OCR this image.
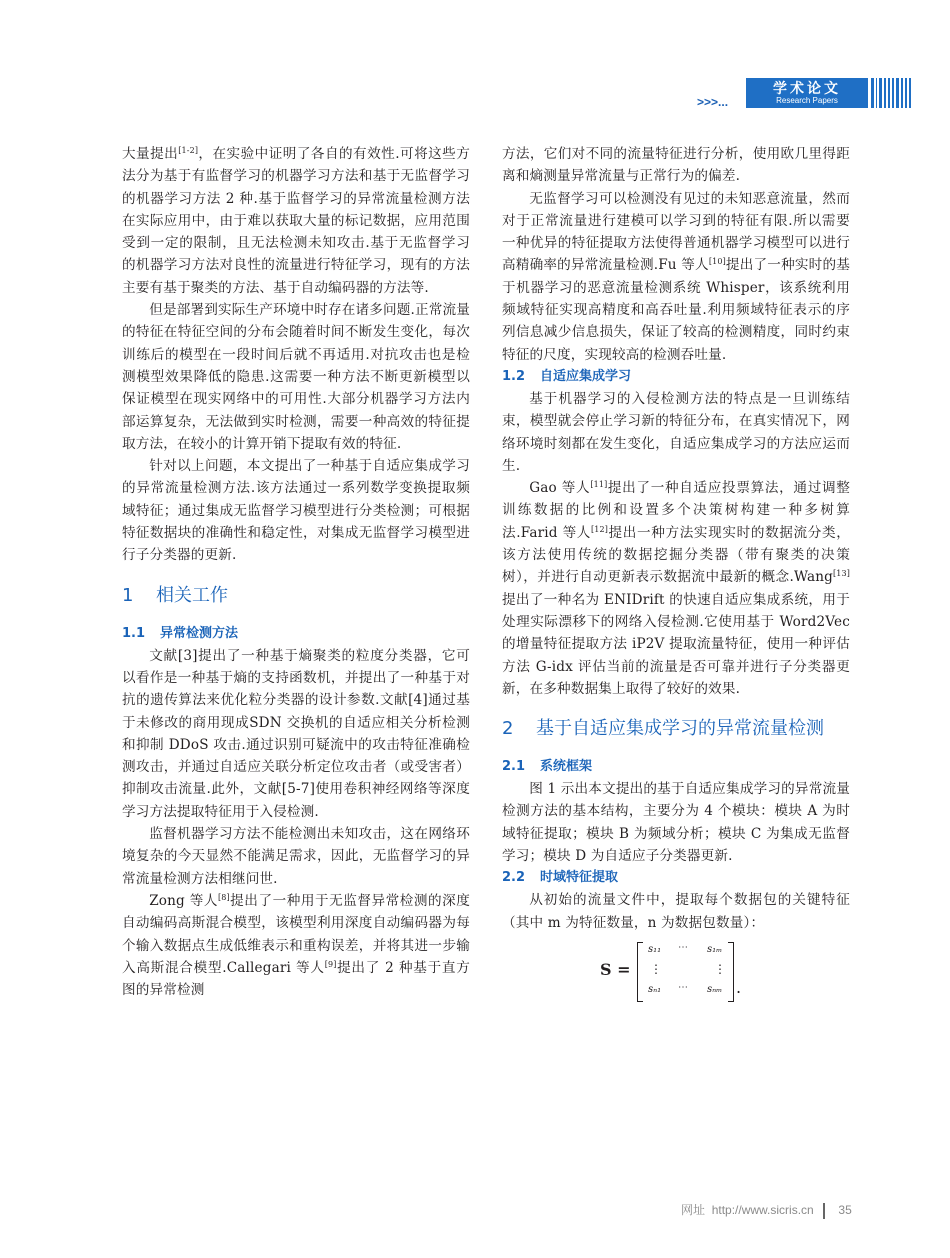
>>>...
学术论文
Research Papers

大量提出[1-2]，在实验中证明了各自的有效性.可将这些方法分为基于有监督学习的机器学习方法和基于无监督学习的机器学习方法 2 种.基于监督学习的异常流量检测方法在实际应用中，由于难以获取大量的标记数据，应用范围受到一定的限制，且无法检测未知攻击.基于无监督学习的机器学习方法对良性的流量进行特征学习，现有的方法主要有基于聚类的方法、基于自动编码器的方法等.

但是部署到实际生产环境中时存在诸多问题.正常流量的特征在特征空间的分布会随着时间不断发生变化，每次训练后的模型在一段时间后就不再适用.对抗攻击也是检测模型效果降低的隐患.这需要一种方法不断更新模型以保证模型在现实网络中的可用性.大部分机器学习方法内部运算复杂，无法做到实时检测，需要一种高效的特征提取方法，在较小的计算开销下提取有效的特征.

针对以上问题，本文提出了一种基于自适应集成学习的异常流量检测方法.该方法通过一系列数学变换提取频域特征；通过集成无监督学习模型进行分类检测；可根据特征数据块的准确性和稳定性，对集成无监督学习模型进行子分类器的更新.

1	相关工作
1.1 异常检测方法

文献[3]提出了一种基于熵聚类的粒度分类器，它可以看作是一种基于熵的支持函数机，并提出了一种基于对抗的遗传算法来优化粒分类器的设计参数.文献[4]通过基于未修改的商用现成SDN 交换机的自适应相关分析检测和抑制 DDoS 攻击.通过识别可疑流中的攻击特征准确检测攻击，并通过自适应关联分析定位攻击者（或受害者）抑制攻击流量.此外，文献[5-7]使用卷积神经网络等深度学习方法提取特征用于入侵检测.

监督机器学习方法不能检测出未知攻击，这在网络环境复杂的今天显然不能满足需求，因此，无监督学习的异常流量检测方法相继问世.

Zong 等人[8]提出了一种用于无监督异常检测的深度自动编码高斯混合模型，该模型利用深度自动编码器为每个输入数据点生成低维表示和重构误差，并将其进一步输入高斯混合模型.Callegari 等人[9]提出了 2 种基于直方图的异常检测

方法，它们对不同的流量特征进行分析，使用欧几里得距离和熵测量异常流量与正常行为的偏差.

无监督学习可以检测没有见过的未知恶意流量，然而对于正常流量进行建模可以学习到的特征有限.所以需要一种优异的特征提取方法使得普通机器学习模型可以进行高精确率的异常流量检测.Fu 等人[10]提出了一种实时的基于机器学习的恶意流量检测系统 Whisper，该系统利用频域特征实现高精度和高吞吐量.利用频域特征表示的序列信息减少信息损失，保证了较高的检测精度，同时约束特征的尺度，实现较高的检测吞吐量.

1.2 自适应集成学习

基于机器学习的入侵检测方法的特点是一旦训练结束，模型就会停止学习新的特征分布，在真实情况下，网络环境时刻都在发生变化，自适应集成学习的方法应运而生.

Gao 等人[11]提出了一种自适应投票算法，通过调整训练数据的比例和设置多个决策树构建一种多树算法.Farid 等人[12]提出一种方法实现实时的数据流分类，该方法使用传统的数据挖掘分类器（带有聚类的决策树），并进行自动更新表示数据流中最新的概念.Wang[13]提出了一种名为 ENIDrift 的快速自适应集成系统，用于处理实际漂移下的网络入侵检测.它使用基于 Word2Vec 的增量特征提取方法 iP2V 提取流量特征，使用一种评估方法 G-idx 评估当前的流量是否可靠并进行子分类器更新，在多种数据集上取得了较好的效果.

2	基于自适应集成学习的异常流量检测
2.1 系统框架

图 1 示出本文提出的基于自适应集成学习的异常流量检测方法的基本结构，主要分为 4 个模块：模块 A 为时域特征提取；模块 B 为频域分析；模块 C 为集成无监督学习；模块 D 为自适应子分类器更新.

2.2 时域特征提取

从初始的流量文件中，提取每个数据包的关键特征（其中 m 为特征数量，n 为数据包数量）：

S =
s₁₁ ⋯ s₁ₘ
⋮	⋮
sₙ₁ ⋯ sₙₘ .
网址 http://www.sicris.cn 35
